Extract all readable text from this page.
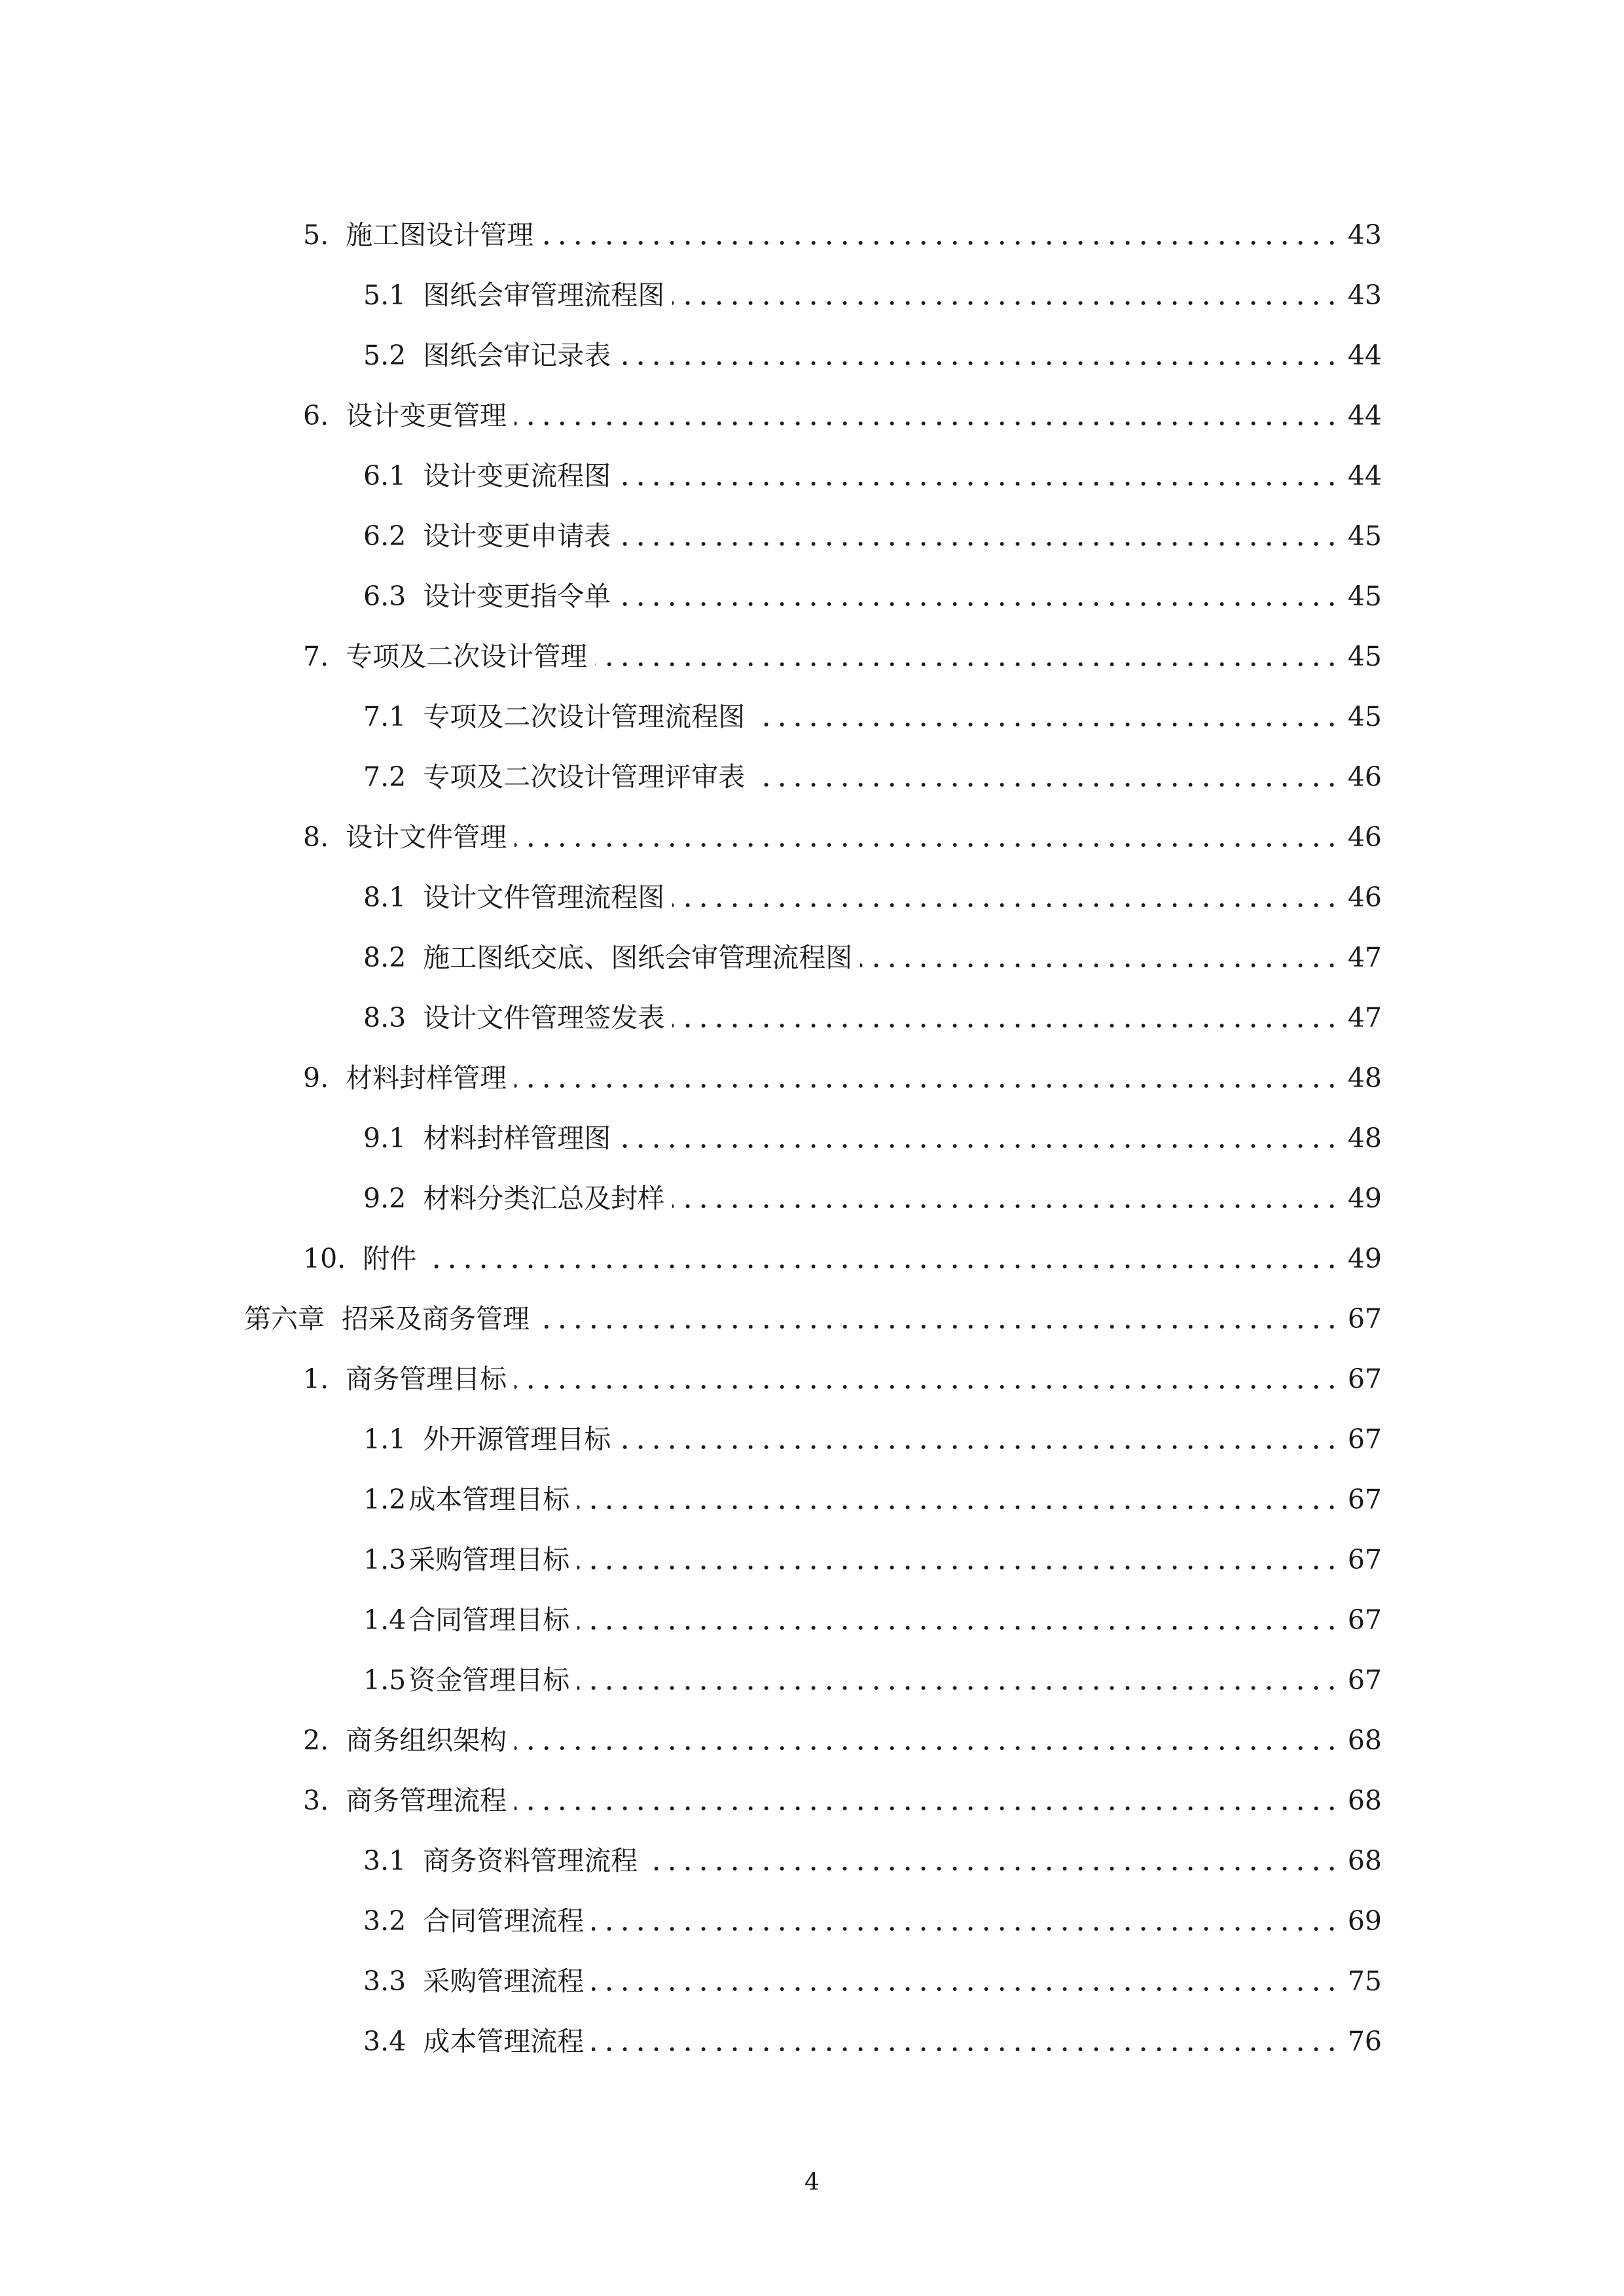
5. 施工图设计管理	43
5.1 图纸会审管理流程图	43
5.2 图纸会审记录表	44
6. 设计变更管理	44
6.1 设计变更流程图	44
6.2 设计变更申请表	45
6.3 设计变更指令单	45
7. 专项及二次设计管理	45
7.1 专项及二次设计管理流程图	45
7.2 专项及二次设计管理评审表	46
8. 设计文件管理	46
8.1 设计文件管理流程图	46
8.2 施工图纸交底、图纸会审管理流程图	47
8.3 设计文件管理签发表	47
9. 材料封样管理	48
9.1 材料封样管理图	48
9.2 材料分类汇总及封样	49
10. 附件	49
第六章 招采及商务管理	67
1. 商务管理目标	67
1.1 外开源管理目标	67
1.2 成本管理目标	67
1.3 采购管理目标	67
1.4 合同管理目标	67
1.5 资金管理目标	67
2. 商务组织架构	68
3. 商务管理流程	68
3.1 商务资料管理流程	68
3.2 合同管理流程	69
3.3 采购管理流程	75
3.4 成本管理流程	76
4
